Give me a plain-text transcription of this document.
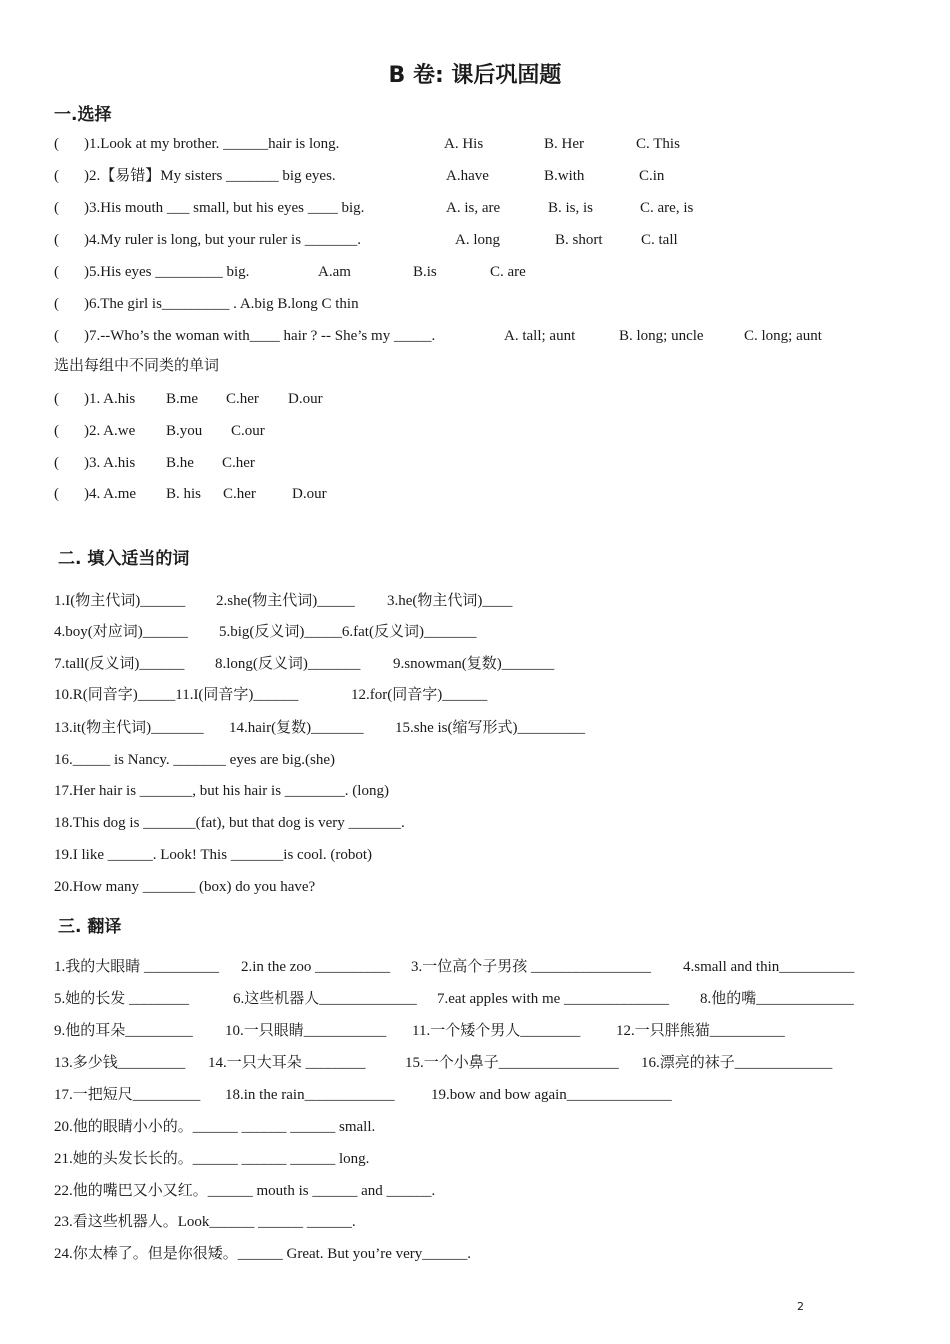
B 卷: 课后巩固题
一.选择
( )1.Look at my brother. ______hair is long.	A. His	B. Her	C. This
( )2.【易错】My sisters _______ big eyes.	A.have	B.with	C.in
( )3.His mouth ___ small, but his eyes ____ big.	A. is, are	B. is, is	C. are, is
( )4.My ruler is long, but your ruler is _______.	A. long	B. short	C. tall
( )5.His eyes _________ big.	A.am	B.is	C. are
( )6.The girl is_________ . A.big B.long C thin
( )7.--Who’s the woman with____ hair ? -- She’s my _____.	A. tall; aunt	B. long; uncle	C. long; aunt
选出每组中不同类的单词
( )1. A.his B.me C.her D.our
( )2. A.we B.you C.our
( )3. A.his B.he C.her
( )4. A.me B. his C.her D.our
二. 填入适当的词
1.I(物主代词)______ 2.she(物主代词)_____ 3.he(物主代词)____
4.boy(对应词)______ 5.big(反义词)_____6.fat(反义词)_______
7.tall(反义词)______ 8.long(反义词)_______ 9.snowman(复数)_______
10.R(同音字)_____11.I(同音字)______	12.for(同音字)______
13.it(物主代词)_______ 14.hair(复数)_______ 15.she is(缩写形式)_________
16._____ is Nancy. _______ eyes are big.(she)
17.Her hair is _______, but his hair is ________. (long)
18.This dog is _______(fat), but that dog is very _______.
19.I like ______. Look! This _______is cool. (robot)
20.How many _______ (box) do you have?
三. 翻译
1.我的大眼睛 __________ 2.in the zoo __________ 3.一位高个子男孩 ________________ 4.small and thin__________
5.她的长发 ________	6.这些机器人_____________ 7.eat apples with me ______________ 8.他的嘴_____________
9.他的耳朵_________ 10.一只眼睛___________ 11.一个矮个男人________ 12.一只胖熊猫__________
13.多少钱_________ 14.一只大耳朵 ________	15.一个小鼻子________________ 16.漂亮的袜子_____________
17.一把短尺_________ 18.in the rain____________ 19.bow and bow again______________
20.他的眼睛小小的。______ ______ ______ small.
21.她的头发长长的。______ ______ ______ long.
22.他的嘴巴又小又红。______ mouth is ______ and ______.
23.看这些机器人。Look______ ______ ______.
24.你太棒了。但是你很矮。______ Great. But you’re very______.
2
